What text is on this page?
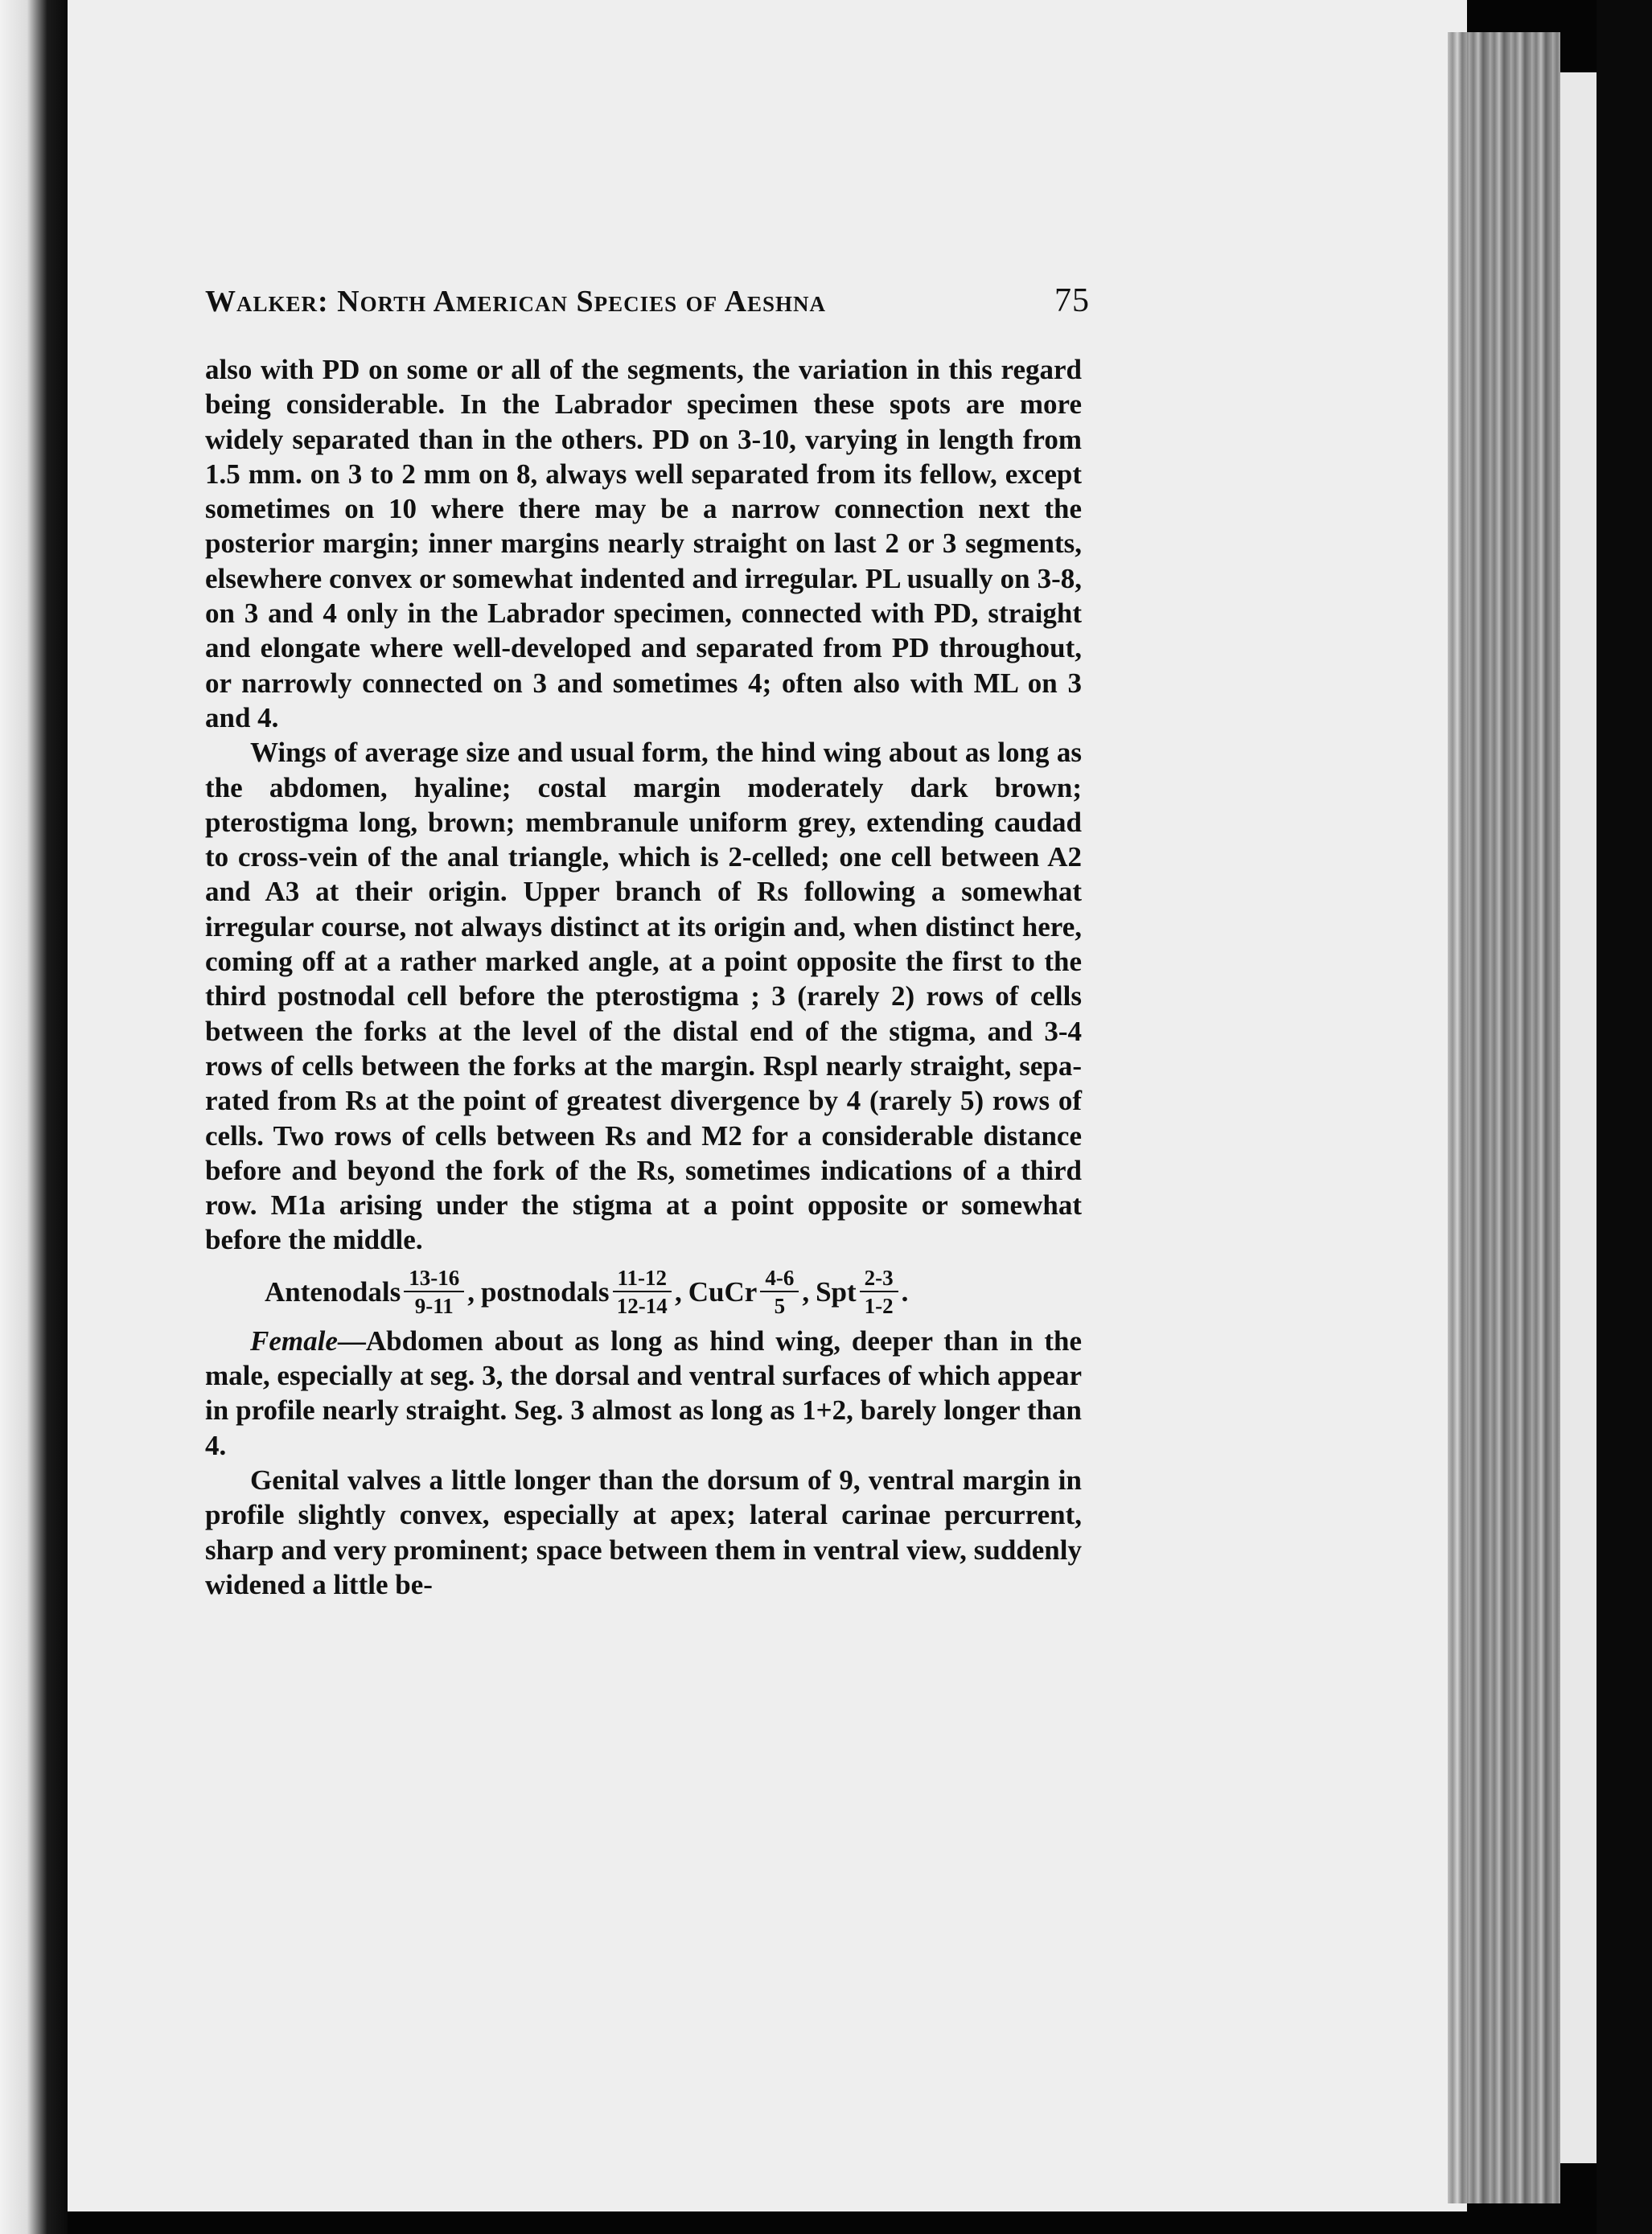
Walker: North American Species of Aeshna	75

also with PD on some or all of the segments, the variation in this regard being considerable. In the Labrador specimen these spots are more widely separated than in the others. PD on 3-10, varying in length from 1.5 mm. on 3 to 2 mm on 8, always well separated from its fellow, except sometimes on 10 where there may be a narrow connection next the posterior margin; inner margins nearly straight on last 2 or 3 segments, elsewhere convex or somewhat indented and irregular. PL usually on 3-8, on 3 and 4 only in the Labrador specimen, connected with PD, straight and elongate where well-developed and separated from PD throughout, or narrowly connected on 3 and sometimes 4; often also with ML on 3 and 4.

Wings of average size and usual form, the hind wing about as long as the abdomen, hyaline; costal margin moderately dark brown; pterostigma long, brown; membranule uniform grey, extending caudad to cross-vein of the anal triangle, which is 2-celled; one cell between A2 and A3 at their origin. Upper branch of Rs following a somewhat irregular course, not always distinct at its origin and, when distinct here, coming off at a rather marked angle, at a point opposite the first to the third postnodal cell before the pterostigma ; 3 (rarely 2) rows of cells between the forks at the level of the distal end of the stigma, and 3-4 rows of cells between the forks at the margin. Rspl nearly straight, separated from Rs at the point of greatest divergence by 4 (rarely 5) rows of cells. Two rows of cells between Rs and M2 for a considerable distance before and beyond the fork of the Rs, sometimes indications of a third row. M1a arising under the stigma at a point opposite or somewhat before the middle.

Antenodals $\frac{13-16}{9-11}$ , postnodals $\frac{11-12}{12-14}$ , CuCr $\frac{4-6}{5}$ , Spt $\frac{2-3}{1-2}$ .

Female—Abdomen about as long as hind wing, deeper than in the male, especially at seg. 3, the dorsal and ventral surfaces of which appear in profile nearly straight. Seg. 3 almost as long as 1+2, barely longer than 4.

Genital valves a little longer than the dorsum of 9, ventral margin in profile slightly convex, especially at apex; lateral carinae percurrent, sharp and very prominent; space between them in ventral view, suddenly widened a little be-
